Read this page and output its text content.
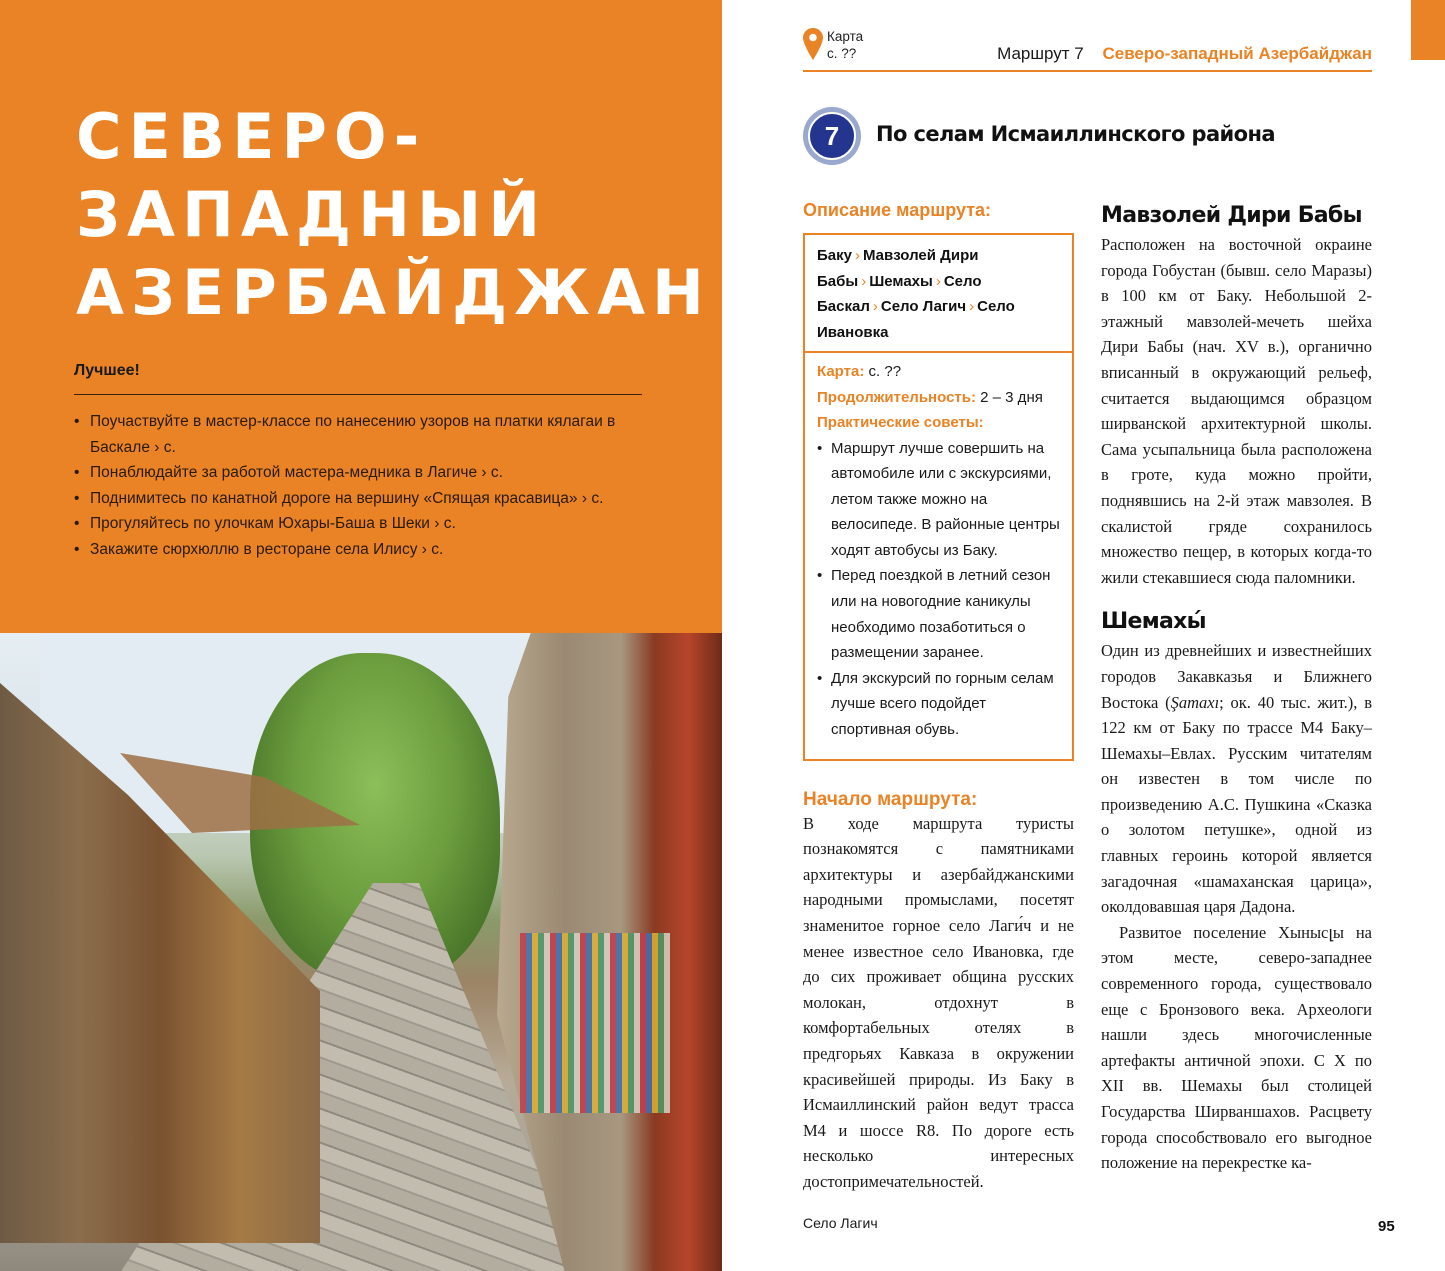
СЕВЕРО-
ЗАПАДНЫЙ
АЗЕРБАЙДЖАН
Лучшее!
• Поучаствуйте в мастер-классе по нанесению узоров на платки кялагаи в Баскале › с.
• Понаблюдайте за работой мастера-медника в Лагиче › с.
• Поднимитесь по канатной дороге на вершину «Спящая красавица» › с.
• Прогуляйтесь по улочкам Юхары-Баша в Шеки › с.
• Закажите сюрхюллю в ресторане села Илису › с.
Карта
с. ??	Маршрут 7 Северо-западный Азербайджан
7	По селам Исмаиллинского района
Описание маршрута:
Баку › Мавзолей Дири Бабы › Шемахы › Село Баскал › Село Лагич › Село Ивановка
Карта: с. ??
Продолжительность: 2 – 3 дня
Практические советы:
• Маршрут лучше совершить на автомобиле или с экскурсиями, летом также можно на велосипеде. В районные центры ходят автобусы из Баку.
• Перед поездкой в летний сезон или на новогодние каникулы необходимо позаботиться о размещении заранее.
• Для экскурсий по горным селам лучше всего подойдет спортивная обувь.
Начало маршрута:

В ходе маршрута туристы познакомятся с памятниками архитектуры и азербайджанскими народными промыслами, посетят знаменитое горное село Лаги́ч и не менее известное село Ивановка, где до сих проживает община русских молокан, отдохнут в комфортабельных отелях в предгорьях Кавказа в окружении красивейшей природы. Из Баку в Исмаиллинский район ведут трасса М4 и шоссе R8. По дороге есть несколько интересных достопримечательностей.

Село Лагич
Мавзолей Дири Бабы

Расположен на восточной окраине города Гобустан (бывш. село Маразы) в 100 км от Баку. Небольшой 2-этажный мавзолей-мечеть шейха Дири Бабы (нач. XV в.), органично вписанный в окружающий рельеф, считается выдающимся образцом ширванской архитектурной школы. Сама усыпальница была расположена в гроте, куда можно пройти, поднявшись на 2-й этаж мавзолея. В скалистой гряде сохранилось множество пещер, в которых когда-то жили стекавшиеся сюда паломники.

Шемахы́

Один из древнейших и известнейших городов Закавказья и Ближнего Востока (Şamaxı; ок. 40 тыс. жит.), в 122 км от Баку по трассе М4 Баку–Шемахы–Евлах. Русским читателям он известен в том числе по произведению А.С. Пушкина «Сказка о золотом петушке», одной из главных героинь которой является загадочная «шамаханская царица», околдовавшая царя Дадона.

Развитое поселение Хынысլы на этом месте, северо-западнее современного города, существовало еще с Бронзового века. Археологи нашли здесь многочисленные артефакты античной эпохи. С X по XII вв. Шемахы был столицей Государства Ширваншахов. Расцвету города способствовало его выгодное положение на перекрестке ка-

95
